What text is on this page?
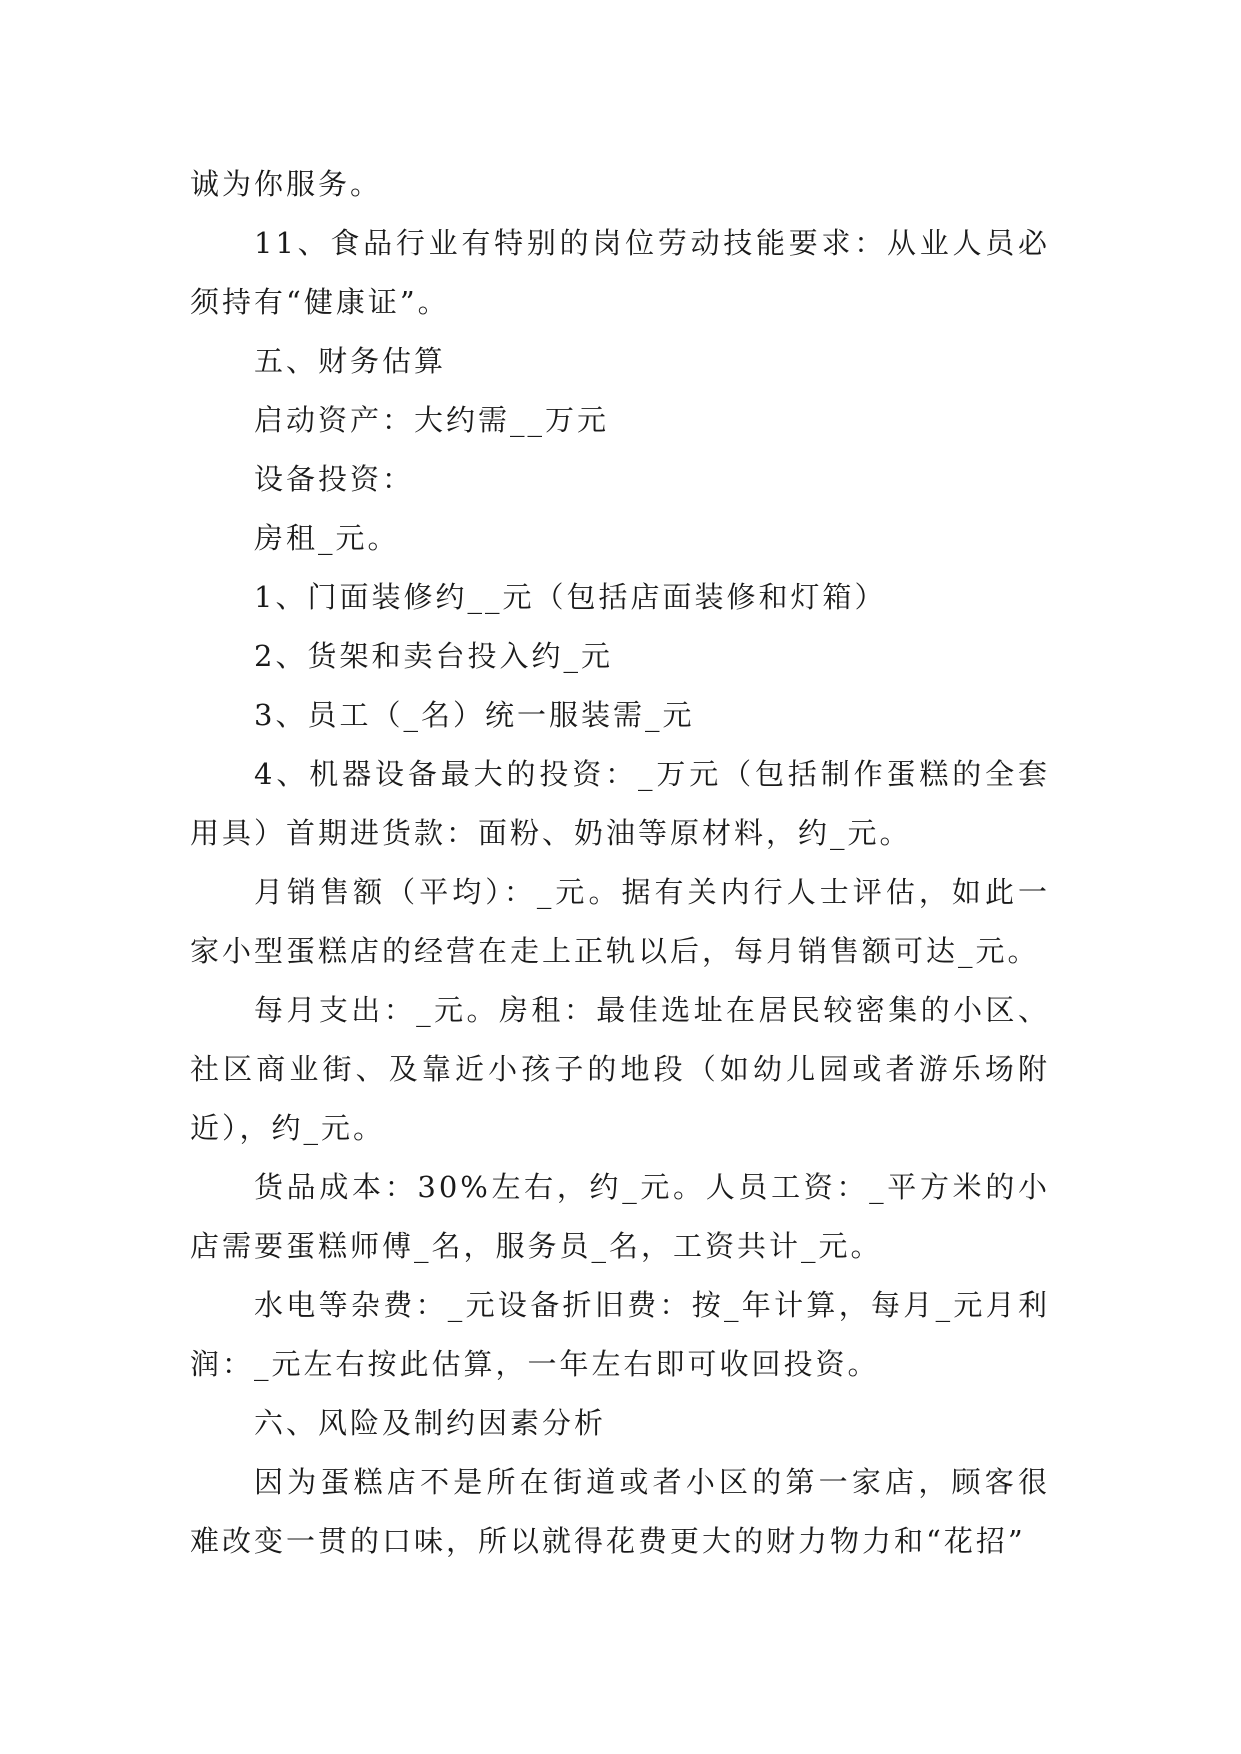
诚为你服务。

11、食品行业有特别的岗位劳动技能要求：从业人员必须持有“健康证”。

五、财务估算

启动资产：大约需__万元

设备投资：

房租_元。

1、门面装修约__元（包括店面装修和灯箱）

2、货架和卖台投入约_元

3、员工（_名）统一服装需_元

4、机器设备最大的投资：_万元（包括制作蛋糕的全套用具）首期进货款：面粉、奶油等原材料，约_元。

月销售额（平均）：_元。据有关内行人士评估，如此一家小型蛋糕店的经营在走上正轨以后，每月销售额可达_元。

每月支出：_元。房租：最佳选址在居民较密集的小区、社区商业街、及靠近小孩子的地段（如幼儿园或者游乐场附近），约_元。

货品成本：30%左右，约_元。人员工资：_平方米的小店需要蛋糕师傅_名，服务员_名，工资共计_元。

水电等杂费：_元设备折旧费：按_年计算，每月_元月利润：_元左右按此估算，一年左右即可收回投资。

六、风险及制约因素分析

因为蛋糕店不是所在街道或者小区的第一家店，顾客很难改变一贯的口味，所以就得花费更大的财力物力和“花招”
